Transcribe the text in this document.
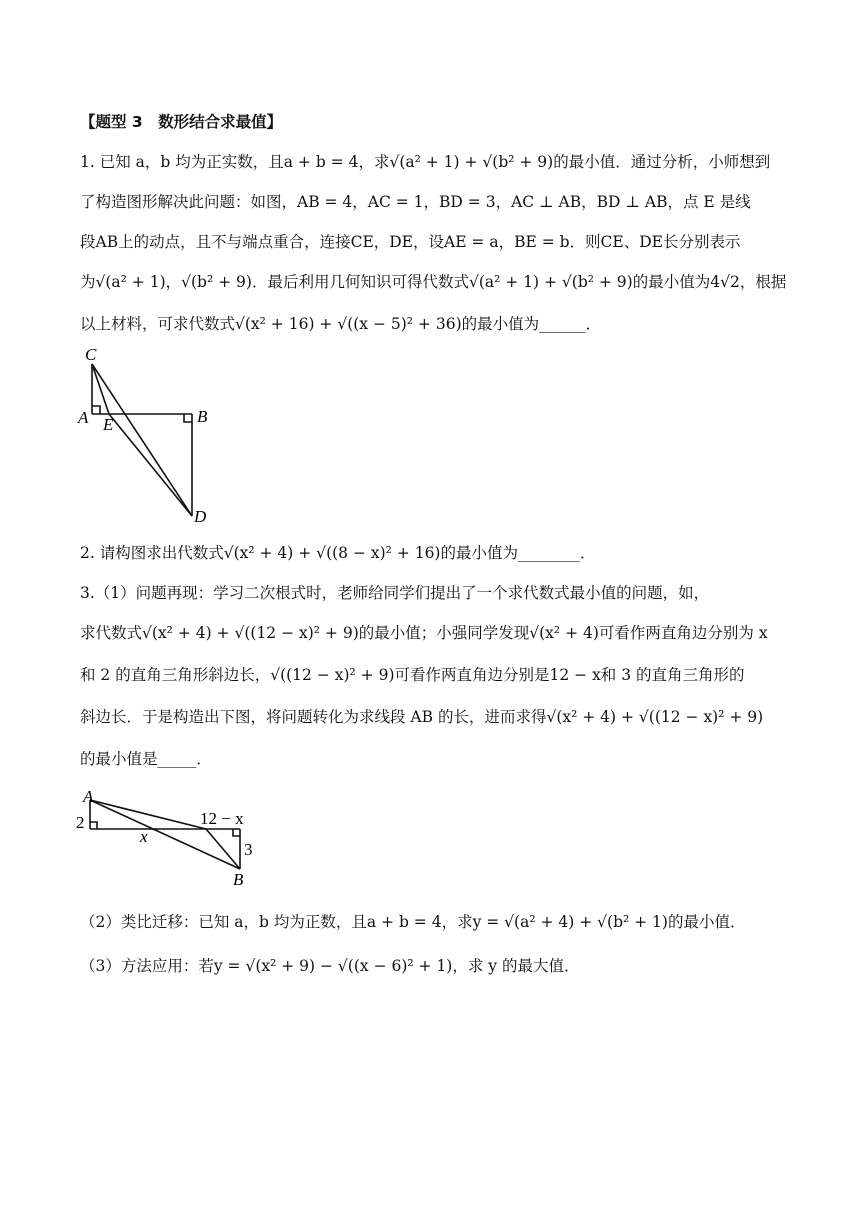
【题型 3　数形结合求最值】
1. 已知 a，b 均为正实数，且a + b = 4，求√(a² + 1) + √(b² + 9)的最小值．通过分析，小师想到
了构造图形解决此问题：如图，AB = 4，AC = 1，BD = 3，AC ⊥ AB，BD ⊥ AB，点 E 是线
段AB上的动点，且不与端点重合，连接CE，DE，设AE = a，BE = b．则CE、DE长分别表示
为√(a² + 1)，√(b² + 9)．最后利用几何知识可得代数式√(a² + 1) + √(b² + 9)的最小值为4√2，根据
以上材料，可求代数式√(x² + 16) + √((x − 5)² + 36)的最小值为______．
C
A E	B
D
2. 请构图求出代数式√(x² + 4) + √((8 − x)² + 16)的最小值为________．
3.（1）问题再现：学习二次根式时，老师给同学们提出了一个求代数式最小值的问题，如，
求代数式√(x² + 4) + √((12 − x)² + 9)的最小值；小强同学发现√(x² + 4)可看作两直角边分别为 x
和 2 的直角三角形斜边长，√((12 − x)² + 9)可看作两直角边分别是12 − x和 3 的直角三角形的
斜边长．于是构造出下图，将问题转化为求线段 AB 的长，进而求得√(x² + 4) + √((12 − x)² + 9)
的最小值是_____．
A
2
x
12 − x
3
B
（2）类比迁移：已知 a，b 均为正数，且a + b = 4，求y = √(a² + 4) + √(b² + 1)的最小值．
（3）方法应用：若y = √(x² + 9) − √((x − 6)² + 1)，求 y 的最大值．
